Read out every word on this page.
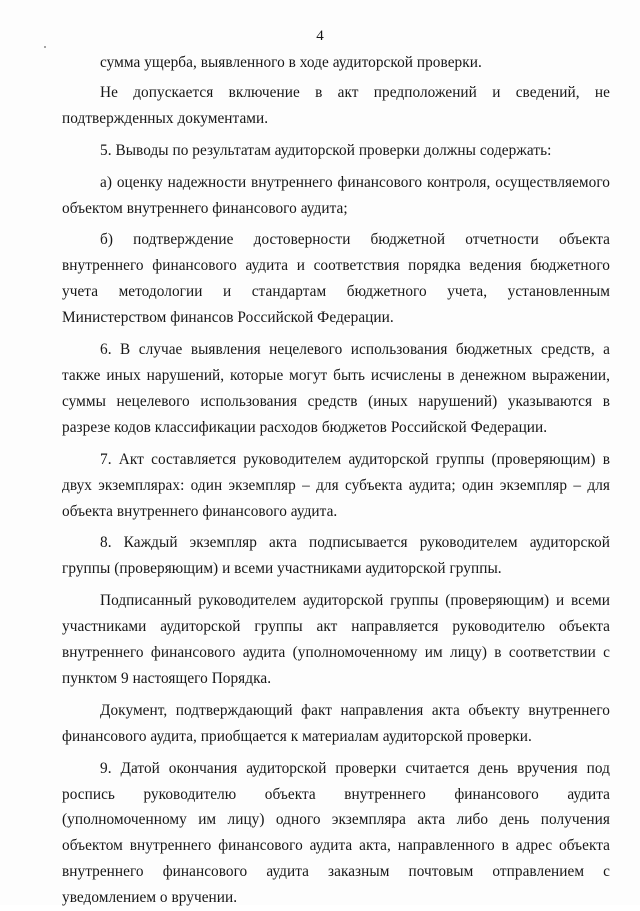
4

сумма ущерба, выявленного в ходе аудиторской проверки.

Не допускается включение в акт предположений и сведений, не подтвержденных документами.

5. Выводы по результатам аудиторской проверки должны содержать:

а) оценку надежности внутреннего финансового контроля, осуществляемого объектом внутреннего финансового аудита;

б) подтверждение достоверности бюджетной отчетности объекта внутреннего финансового аудита и соответствия порядка ведения бюджетного учета методологии и стандартам бюджетного учета, установленным Министерством финансов Российской Федерации.

6. В случае выявления нецелевого использования бюджетных средств, а также иных нарушений, которые могут быть исчислены в денежном выражении, суммы нецелевого использования средств (иных нарушений) указываются в разрезе кодов классификации расходов бюджетов Российской Федерации.

7. Акт составляется руководителем аудиторской группы (проверяющим) в двух экземплярах: один экземпляр – для субъекта аудита; один экземпляр – для объекта внутреннего финансового аудита.

8. Каждый экземпляр акта подписывается руководителем аудиторской группы (проверяющим) и всеми участниками аудиторской группы.

Подписанный руководителем аудиторской группы (проверяющим) и всеми участниками аудиторской группы акт направляется руководителю объекта внутреннего финансового аудита (уполномоченному им лицу) в соответствии с пунктом 9 настоящего Порядка.

Документ, подтверждающий факт направления акта объекту внутреннего финансового аудита, приобщается к материалам аудиторской проверки.

9. Датой окончания аудиторской проверки считается день вручения под роспись руководителю объекта внутреннего финансового аудита (уполномоченному им лицу) одного экземпляра акта либо день получения объектом внутреннего финансового аудита акта, направленного в адрес объекта внутреннего финансового аудита заказным почтовым отправлением с уведомлением о вручении.
